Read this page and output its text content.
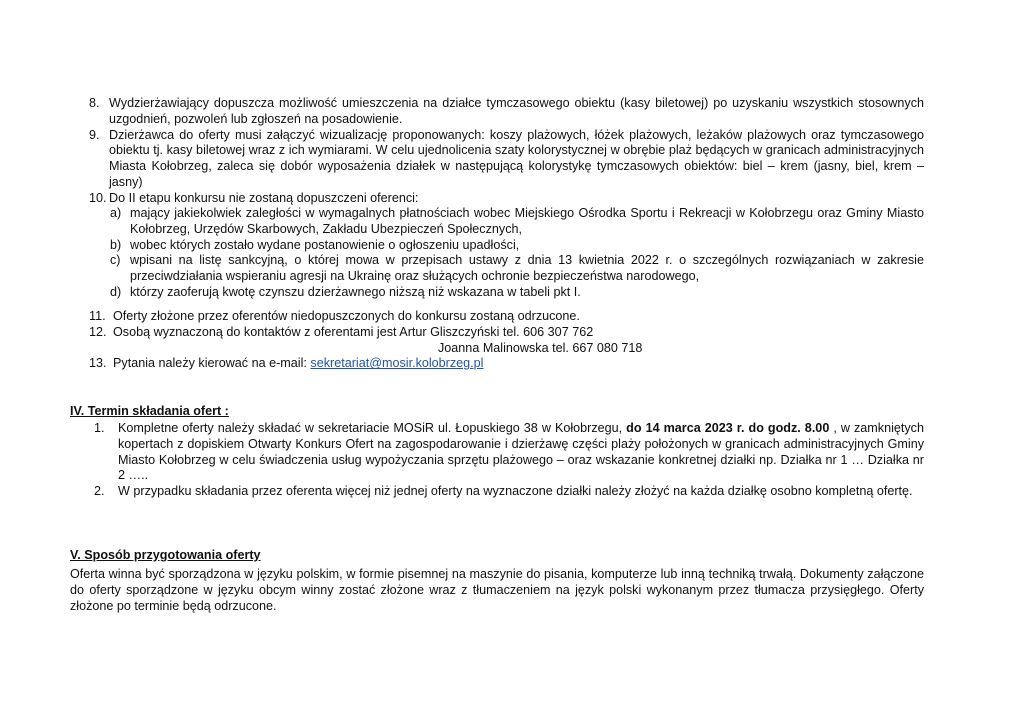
8. Wydzierżawiający dopuszcza możliwość umieszczenia na działce tymczasowego obiektu (kasy biletowej) po uzyskaniu wszystkich stosownych uzgodnień, pozwoleń lub zgłoszeń na posadowienie.
9. Dzierżawca do oferty musi załączyć wizualizację proponowanych: koszy plażowych, łóżek plażowych, leżaków plażowych oraz tymczasowego obiektu tj. kasy biletowej wraz z ich wymiarami. W celu ujednolicenia szaty kolorystycznej w obrębie plaż będących w granicach administracyjnych Miasta Kołobrzeg, zaleca się dobór wyposażenia działek w następującą kolorystykę tymczasowych obiektów: biel – krem (jasny, biel, krem – jasny)
10. Do II etapu konkursu nie zostaną dopuszczeni oferenci:
a) mający jakiekolwiek zaległości w wymagalnych płatnościach wobec Miejskiego Ośrodka Sportu i Rekreacji w Kołobrzegu oraz Gminy Miasto Kołobrzeg, Urzędów Skarbowych, Zakładu Ubezpieczeń Społecznych,
b) wobec których zostało wydane postanowienie o ogłoszeniu upadłości,
c) wpisani na listę sankcyjną, o której mowa w przepisach ustawy z dnia 13 kwietnia 2022 r. o szczególnych rozwiązaniach w zakresie przeciwdziałania wspieraniu agresji na Ukrainę oraz służących ochronie bezpieczeństwa narodowego,
d) którzy zaoferują kwotę czynszu dzierżawnego niższą niż wskazana w tabeli pkt I.
11. Oferty złożone przez oferentów niedopuszczonych do konkursu zostaną odrzucone.
12. Osobą wyznaczoną do kontaktów z oferentami jest Artur Gliszczyński tel. 606 307 762
Joanna Malinowska tel. 667 080 718
13. Pytania należy kierować na e-mail: sekretariat@mosir.kolobrzeg.pl
IV. Termin składania ofert :
1.	Kompletne oferty należy składać w sekretariacie MOSiR ul. Łopuskiego 38 w Kołobrzegu, do 14 marca 2023 r. do godz. 8.00 , w zamkniętych kopertach z dopiskiem Otwarty Konkurs Ofert na zagospodarowanie i dzierżawę części plaży położonych w granicach administracyjnych Gminy Miasto Kołobrzeg w celu świadczenia usług wypożyczania sprzętu plażowego – oraz wskazanie konkretnej działki np. Działka nr 1 … Działka nr 2 …..
2.	W przypadku składania przez oferenta więcej niż jednej oferty na wyznaczone działki należy złożyć na każda działkę osobno kompletną ofertę.
V. Sposób przygotowania oferty
Oferta winna być sporządzona w języku polskim, w formie pisemnej na maszynie do pisania, komputerze lub inną techniką trwałą. Dokumenty załączone do oferty sporządzone w języku obcym winny zostać złożone wraz z tłumaczeniem na język polski wykonanym przez tłumacza przysięgłego. Oferty złożone po terminie będą odrzucone.
